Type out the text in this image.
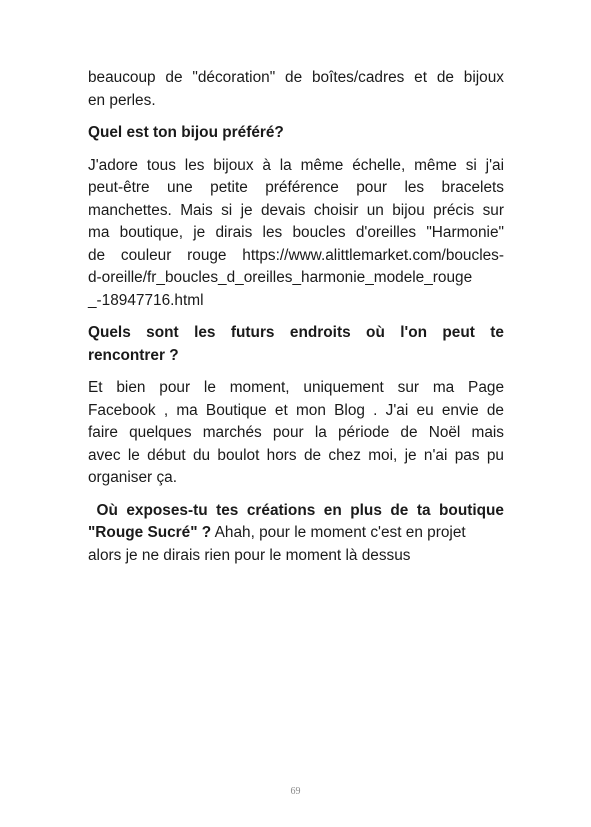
beaucoup de "décoration" de boîtes/cadres et de bijoux
en perles.
Quel est ton bijou préféré?
J'adore tous les bijoux à la même échelle, même si j'ai
peut-être une petite préférence pour les bracelets
manchettes. Mais si je devais choisir un bijou précis sur
ma boutique, je dirais les boucles d'oreilles "Harmonie"
de couleur rouge https://www.alittlemarket.com/boucles-
d-oreille/fr_boucles_d_oreilles_harmonie_modele_rouge
_-18947716.html
Quels sont les futurs endroits où l'on peut te
rencontrer ?
Et bien pour le moment, uniquement sur ma Page
Facebook , ma Boutique et mon Blog . J'ai eu envie de
faire quelques marchés pour la période de Noël mais
avec le début du boulot hors de chez moi, je n'ai pas pu
organiser ça.
Où exposes-tu tes créations en plus de ta boutique
"Rouge Sucré" ? Ahah, pour le moment c'est en projet
alors je ne dirais rien pour le moment là dessus
69
